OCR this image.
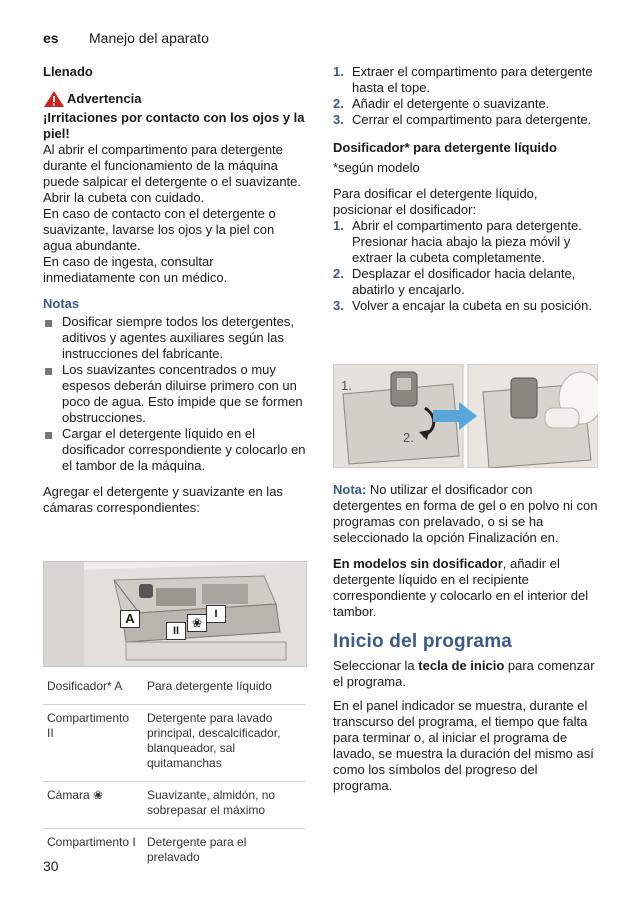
es Manejo del aparato
Llenado
Advertencia
¡Irritaciones por contacto con los ojos y la piel!
Al abrir el compartimento para detergente durante el funcionamiento de la máquina puede salpicar el detergente o el suavizante.
Abrir la cubeta con cuidado.
En caso de contacto con el detergente o suavizante, lavarse los ojos y la piel con agua abundante.
En caso de ingesta, consultar inmediatamente con un médico.
Notas
Dosificar siempre todos los detergentes, aditivos y agentes auxiliares según las instrucciones del fabricante.
Los suavizantes concentrados o muy espesos deberán diluirse primero con un poco de agua. Esto impide que se formen obstrucciones.
Cargar el detergente líquido en el dosificador correspondiente y colocarlo en el tambor de la máquina.
Agregar el detergente y suavizante en las cámaras correspondientes:
A
II
❀
I
Dosificador* A	Para detergente líquido
Compartimento II	Detergente para lavado principal, descalcificador, blanqueador, sal quitamanchas
Cámara ❀	Suavizante, almidón, no sobrepasar el máximo
Compartimento I	Detergente para el prelavado
1. Extraer el compartimento para detergente hasta el tope.
2. Añadir el detergente o suavizante.
3. Cerrar el compartimento para detergente.
Dosificador* para detergente líquido
*según modelo
Para dosificar el detergente líquido, posicionar el dosificador:
1. Abrir el compartimento para detergente. Presionar hacia abajo la pieza móvil y extraer la cubeta completamente.
2. Desplazar el dosificador hacia delante, abatirlo y encajarlo.
3. Volver a encajar la cubeta en su posición.
1.
2.
Nota: No utilizar el dosificador con detergentes en forma de gel o en polvo ni con programas con prelavado, o si se ha seleccionado la opción Finalización en.
En modelos sin dosificador, añadir el detergente líquido en el recipiente correspondiente y colocarlo en el interior del tambor.
Inicio del programa
Seleccionar la tecla de inicio para comenzar el programa.
En el panel indicador se muestra, durante el transcurso del programa, el tiempo que falta para terminar o, al iniciar el programa de lavado, se muestra la duración del mismo así como los símbolos del progreso del programa.
30
